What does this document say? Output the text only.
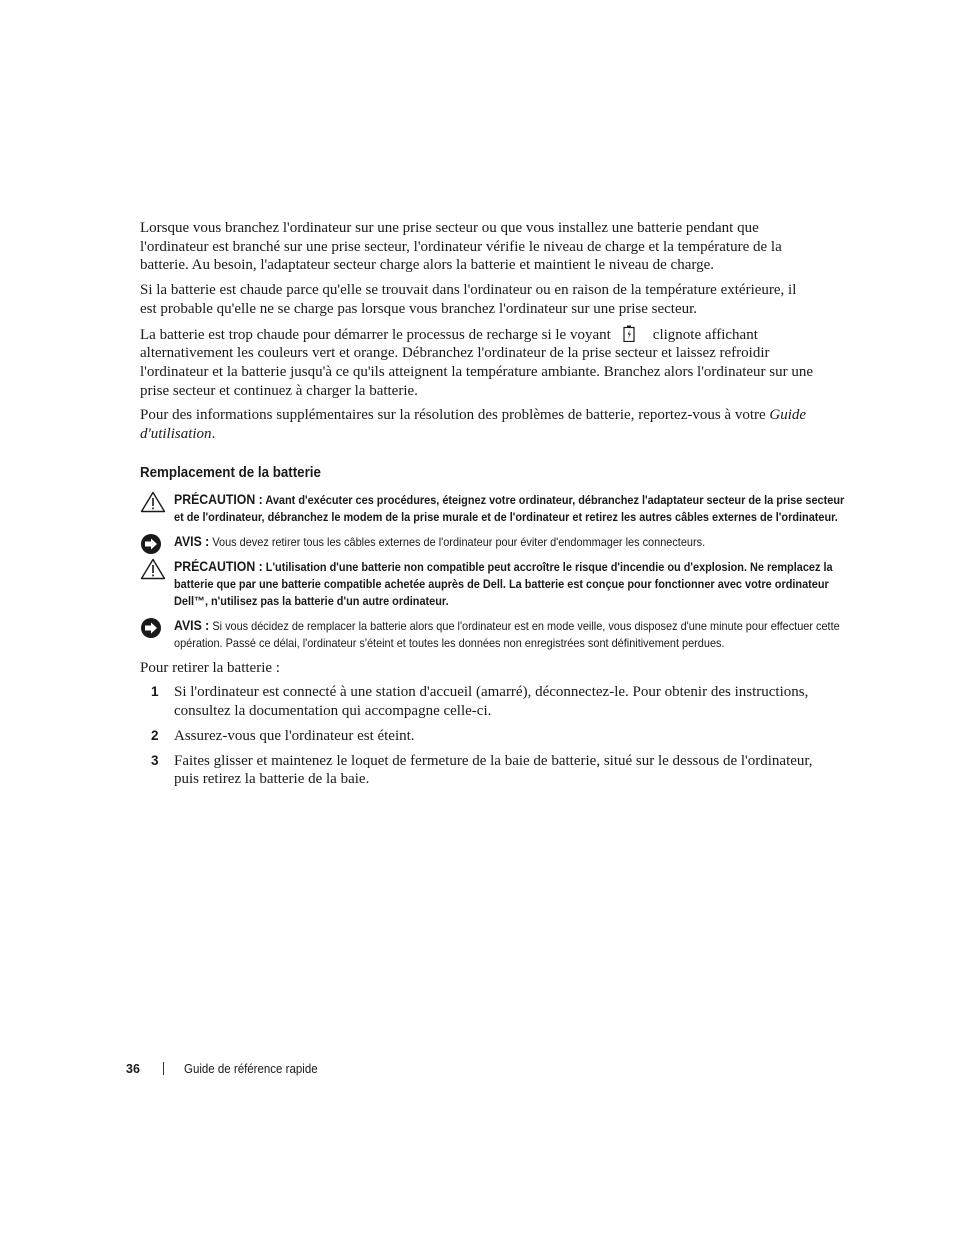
Lorsque vous branchez l'ordinateur sur une prise secteur ou que vous installez une batterie pendant que l'ordinateur est branché sur une prise secteur, l'ordinateur vérifie le niveau de charge et la température de la batterie. Au besoin, l'adaptateur secteur charge alors la batterie et maintient le niveau de charge.

Si la batterie est chaude parce qu'elle se trouvait dans l'ordinateur ou en raison de la température extérieure, il est probable qu'elle ne se charge pas lorsque vous branchez l'ordinateur sur une prise secteur.

La batterie est trop chaude pour démarrer le processus de recharge si le voyant	clignote affichant alternativement les couleurs vert et orange. Débranchez l'ordinateur de la prise secteur et laissez refroidir l'ordinateur et la batterie jusqu'à ce qu'ils atteignent la température ambiante. Branchez alors l'ordinateur sur une prise secteur et continuez à charger la batterie.

Pour des informations supplémentaires sur la résolution des problèmes de batterie, reportez-vous à votre Guide d'utilisation.

Remplacement de la batterie
PRÉCAUTION : Avant d'exécuter ces procédures, éteignez votre ordinateur, débranchez l'adaptateur secteur de la prise secteur et de l'ordinateur, débranchez le modem de la prise murale et de l'ordinateur et retirez les autres câbles externes de l'ordinateur.
AVIS : Vous devez retirer tous les câbles externes de l'ordinateur pour éviter d'endommager les connecteurs.
PRÉCAUTION : L'utilisation d'une batterie non compatible peut accroître le risque d'incendie ou d'explosion. Ne remplacez la batterie que par une batterie compatible achetée auprès de Dell. La batterie est conçue pour fonctionner avec votre ordinateur Dell™, n'utilisez pas la batterie d'un autre ordinateur.
AVIS : Si vous décidez de remplacer la batterie alors que l'ordinateur est en mode veille, vous disposez d'une minute pour effectuer cette opération. Passé ce délai, l'ordinateur s'éteint et toutes les données non enregistrées sont définitivement perdues.

Pour retirer la batterie :

1 Si l'ordinateur est connecté à une station d'accueil (amarré), déconnectez-le. Pour obtenir des instructions, consultez la documentation qui accompagne celle-ci.
2 Assurez-vous que l'ordinateur est éteint.
3 Faites glisser et maintenez le loquet de fermeture de la baie de batterie, situé sur le dessous de l'ordinateur, puis retirez la batterie de la baie.
36	Guide de référence rapide
